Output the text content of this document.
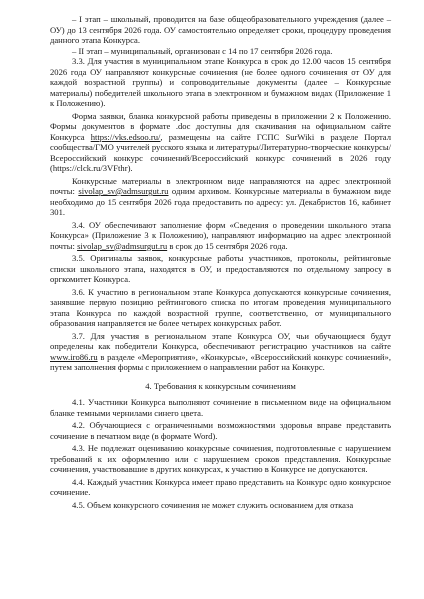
– I этап – школьный, проводится на базе общеобразовательного учреждения (далее – ОУ) до 13 сентября 2026 года. ОУ самостоятельно определяет сроки, процедуру проведения данного этапа Конкурса.

– II этап – муниципальный, организован с 14 по 17 сентября 2026 года.

3.3. Для участия в муниципальном этапе Конкурса в срок до 12.00 часов 15 сентября 2026 года ОУ направляют конкурсные сочинения (не более одного сочинения от ОУ для каждой возрастной группы) и сопроводительные документы (далее – Конкурсные материалы) победителей школьного этапа в электронном и бумажном видах (Приложение 1 к Положению).

Форма заявки, бланка конкурсной работы приведены в приложении 2 к Положению. Формы документов в формате .doc доступны для скачивания на официальном сайте Конкурса https://vks.edsoo.ru/, размещены на сайте ГСПС SurWiki в разделе Портал сообщества/ГМО учителей русского языка и литературы/Литературно-творческие конкурсы/Всероссийский конкурс сочинений/Всероссийский конкурс сочинений в 2026 году (https://clck.ru/3VFthr).

Конкурсные материалы в электронном виде направляются на адрес электронной почты: sivolap_sv@admsurgut.ru одним архивом. Конкурсные материалы в бумажном виде необходимо до 15 сентября 2026 года предоставить по адресу: ул. Декабристов 16, кабинет 301.

3.4. ОУ обеспечивают заполнение форм «Сведения о проведении школьного этапа Конкурса» (Приложение 3 к Положению), направляют информацию на адрес электронной почты: sivolap_sv@admsurgut.ru в срок до 15 сентября 2026 года.

3.5. Оригиналы заявок, конкурсные работы участников, протоколы, рейтинговые списки школьного этапа, находятся в ОУ, и предоставляются по отдельному запросу в оргкомитет Конкурса.

3.6. К участию в региональном этапе Конкурса допускаются конкурсные сочинения, занявшие первую позицию рейтингового списка по итогам проведения муниципального этапа Конкурса по каждой возрастной группе, соответственно, от муниципального образования направляется не более четырех конкурсных работ.

3.7. Для участия в региональном этапе Конкурса ОУ, чьи обучающиеся будут определены как победители Конкурса, обеспечивают регистрацию участников на сайте www.iro86.ru в разделе «Мероприятия», «Конкурсы», «Всероссийский конкурс сочинений», путем заполнения формы с приложением о направлении работ на Конкурс.

4. Требования к конкурсным сочинениям

4.1. Участники Конкурса выполняют сочинение в письменном виде на официальном бланке темными чернилами синего цвета.

4.2. Обучающиеся с ограниченными возможностями здоровья вправе представить сочинение в печатном виде (в формате Word).

4.3. Не подлежат оцениванию конкурсные сочинения, подготовленные с нарушением требований к их оформлению или с нарушением сроков представления. Конкурсные сочинения, участвовавшие в других конкурсах, к участию в Конкурсе не допускаются.

4.4. Каждый участник Конкурса имеет право представить на Конкурс одно конкурсное сочинение.

4.5. Объем конкурсного сочинения не может служить основанием для отказа
